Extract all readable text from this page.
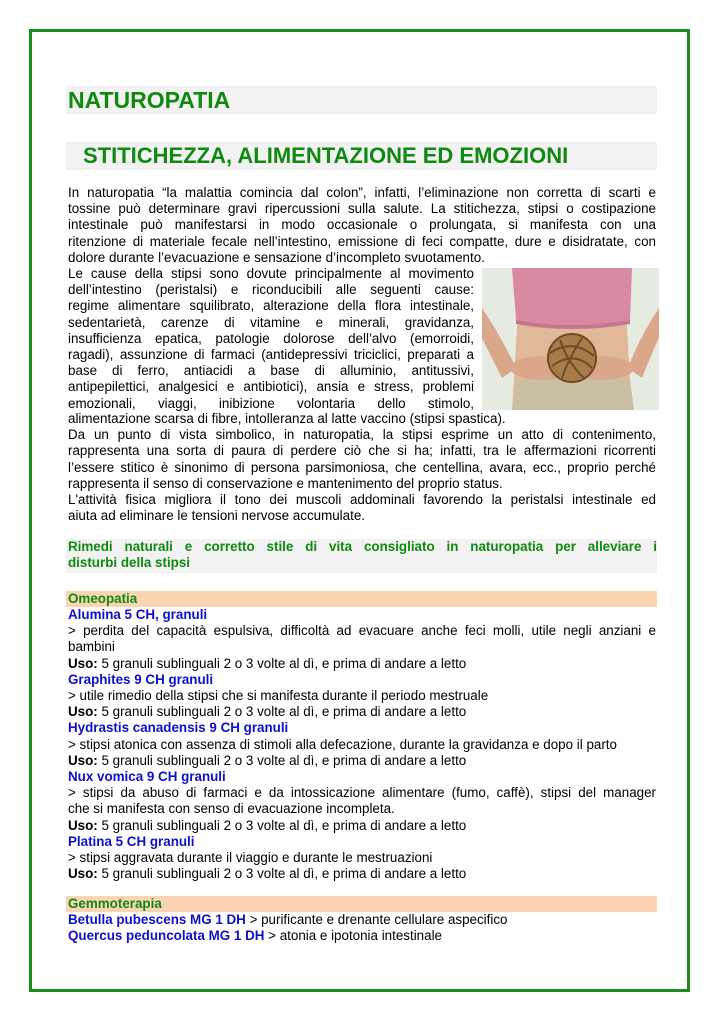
NATUROPATIA
STITICHEZZA, ALIMENTAZIONE ED EMOZIONI
In naturopatia “la malattia comincia dal colon”, infatti, l’eliminazione non corretta di scarti e
tossine può determinare gravi ripercussioni sulla salute. La stitichezza, stipsi o costipazione
intestinale può manifestarsi in modo occasionale o prolungata, si manifesta con una
ritenzione di materiale fecale nell’intestino, emissione di feci compatte, dure e disidratate, con
dolore durante l’evacuazione e sensazione d’incompleto svuotamento.
Le cause della stipsi sono dovute principalmente al movimento
dell’intestino (peristalsi) e riconducibili alle seguenti cause:
regime alimentare squilibrato, alterazione della flora intestinale,
sedentarietà, carenze di vitamine e minerali, gravidanza,
insufficienza epatica, patologie dolorose dell’alvo (emorroidi,
ragadi), assunzione di farmaci (antidepressivi triciclici, preparati a
base di ferro, antiacidi a base di alluminio, antitussivi,
antipepilettici, analgesici e antibiotici), ansia e stress, problemi
emozionali, viaggi, inibizione volontaria dello stimolo,
alimentazione scarsa di fibre, intolleranza al latte vaccino (stipsi spastica).
Da un punto di vista simbolico, in naturopatia, la stipsi esprime un atto di contenimento,
rappresenta una sorta di paura di perdere ciò che si ha; infatti, tra le affermazioni ricorrenti
l’essere stitico è sinonimo di persona parsimoniosa, che centellina, avara, ecc., proprio perché
rappresenta il senso di conservazione e mantenimento del proprio status.
L'attività fisica migliora il tono dei muscoli addominali favorendo la peristalsi intestinale ed
aiuta ad eliminare le tensioni nervose accumulate.
Rimedi naturali e corretto stile di vita consigliato in naturopatia per alleviare i
disturbi della stipsi
Omeopatia
Alumina 5 CH, granuli
> perdita del capacità espulsiva, difficoltà ad evacuare anche feci molli, utile negli anziani e
bambini
Uso: 5 granuli sublinguali 2 o 3 volte al dì, e prima di andare a letto
Graphites 9 CH granuli
> utile rimedio della stipsi che si manifesta durante il periodo mestruale
Uso: 5 granuli sublinguali 2 o 3 volte al dì, e prima di andare a letto
Hydrastis canadensis 9 CH granuli
> stipsi atonica con assenza di stimoli alla defecazione, durante la gravidanza e dopo il parto
Uso: 5 granuli sublinguali 2 o 3 volte al dì, e prima di andare a letto
Nux vomica 9 CH granuli
> stipsi da abuso di farmaci e da intossicazione alimentare (fumo, caffè), stipsi del manager
che si manifesta con senso di evacuazione incompleta.
Uso: 5 granuli sublinguali 2 o 3 volte al dì, e prima di andare a letto
Platina 5 CH granuli
> stipsi aggravata durante il viaggio e durante le mestruazioni
Uso: 5 granuli sublinguali 2 o 3 volte al dì, e prima di andare a letto
Gemmoterapia
Betulla pubescens MG 1 DH > purificante e drenante cellulare aspecifico
Quercus peduncolata MG 1 DH > atonia e ipotonia intestinale
